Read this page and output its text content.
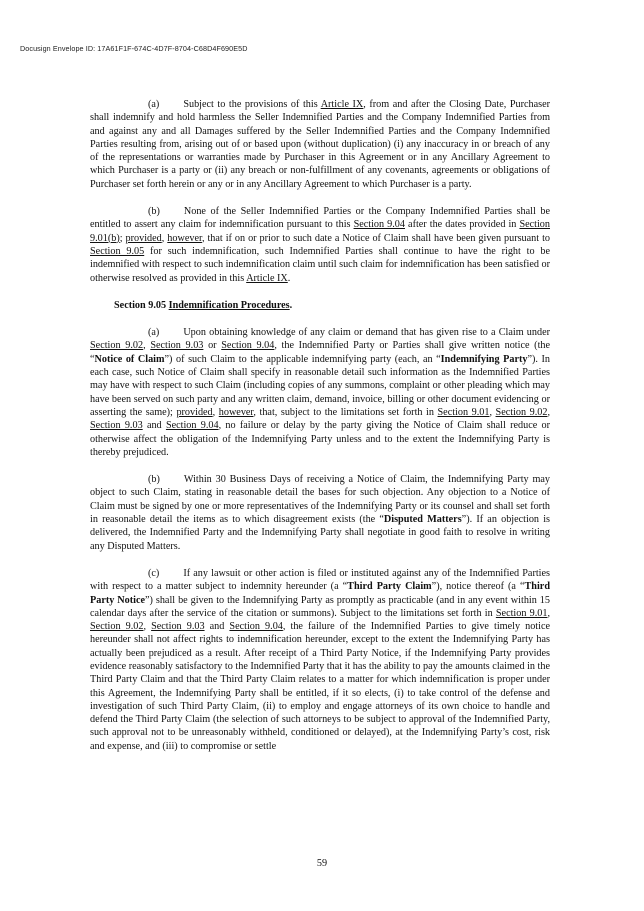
Docusign Envelope ID: 17A61F1F-674C-4D7F-8704-C68D4F690E5D

(a) Subject to the provisions of this Article IX, from and after the Closing Date, Purchaser shall indemnify and hold harmless the Seller Indemnified Parties and the Company Indemnified Parties from and against any and all Damages suffered by the Seller Indemnified Parties and the Company Indemnified Parties resulting from, arising out of or based upon (without duplication) (i) any inaccuracy in or breach of any of the representations or warranties made by Purchaser in this Agreement or in any Ancillary Agreement to which Purchaser is a party or (ii) any breach or non-fulfillment of any covenants, agreements or obligations of Purchaser set forth herein or any or in any Ancillary Agreement to which Purchaser is a party.

(b) None of the Seller Indemnified Parties or the Company Indemnified Parties shall be entitled to assert any claim for indemnification pursuant to this Section 9.04 after the dates provided in Section 9.01(b); provided, however, that if on or prior to such date a Notice of Claim shall have been given pursuant to Section 9.05 for such indemnification, such Indemnified Parties shall continue to have the right to be indemnified with respect to such indemnification claim until such claim for indemnification has been satisfied or otherwise resolved as provided in this Article IX.

Section 9.05 Indemnification Procedures.

(a) Upon obtaining knowledge of any claim or demand that has given rise to a Claim under Section 9.02, Section 9.03 or Section 9.04, the Indemnified Party or Parties shall give written notice (the “Notice of Claim”) of such Claim to the applicable indemnifying party (each, an “Indemnifying Party”). In each case, such Notice of Claim shall specify in reasonable detail such information as the Indemnified Parties may have with respect to such Claim (including copies of any summons, complaint or other pleading which may have been served on such party and any written claim, demand, invoice, billing or other document evidencing or asserting the same); provided, however, that, subject to the limitations set forth in Section 9.01, Section 9.02, Section 9.03 and Section 9.04, no failure or delay by the party giving the Notice of Claim shall reduce or otherwise affect the obligation of the Indemnifying Party unless and to the extent the Indemnifying Party is thereby prejudiced.

(b) Within 30 Business Days of receiving a Notice of Claim, the Indemnifying Party may object to such Claim, stating in reasonable detail the bases for such objection. Any objection to a Notice of Claim must be signed by one or more representatives of the Indemnifying Party or its counsel and shall set forth in reasonable detail the items as to which disagreement exists (the “Disputed Matters”). If an objection is delivered, the Indemnified Party and the Indemnifying Party shall negotiate in good faith to resolve in writing any Disputed Matters.

(c) If any lawsuit or other action is filed or instituted against any of the Indemnified Parties with respect to a matter subject to indemnity hereunder (a “Third Party Claim”), notice thereof (a “Third Party Notice”) shall be given to the Indemnifying Party as promptly as practicable (and in any event within 15 calendar days after the service of the citation or summons). Subject to the limitations set forth in Section 9.01, Section 9.02, Section 9.03 and Section 9.04, the failure of the Indemnified Parties to give timely notice hereunder shall not affect rights to indemnification hereunder, except to the extent the Indemnifying Party has actually been prejudiced as a result. After receipt of a Third Party Notice, if the Indemnifying Party provides evidence reasonably satisfactory to the Indemnified Party that it has the ability to pay the amounts claimed in the Third Party Claim and that the Third Party Claim relates to a matter for which indemnification is proper under this Agreement, the Indemnifying Party shall be entitled, if it so elects, (i) to take control of the defense and investigation of such Third Party Claim, (ii) to employ and engage attorneys of its own choice to handle and defend the Third Party Claim (the selection of such attorneys to be subject to approval of the Indemnified Party, such approval not to be unreasonably withheld, conditioned or delayed), at the Indemnifying Party’s cost, risk and expense, and (iii) to compromise or settle

59
